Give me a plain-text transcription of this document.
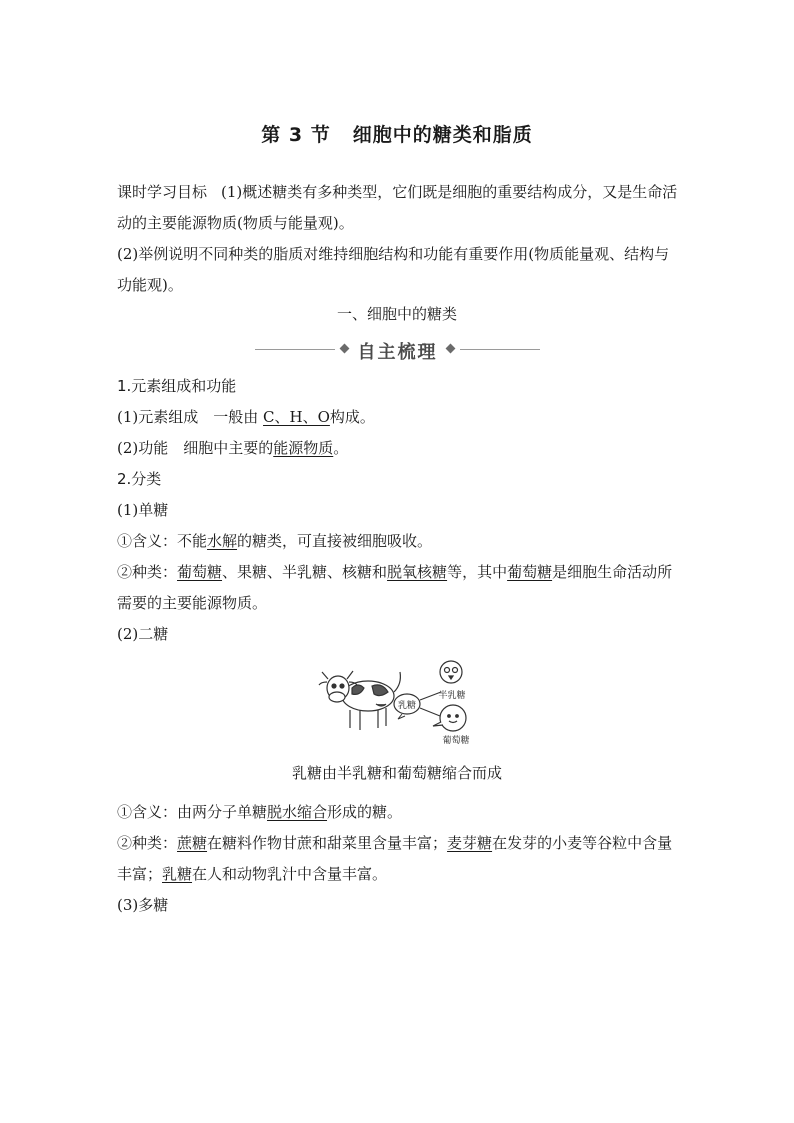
第 3 节 细胞中的糖类和脂质
课时学习目标 (1)概述糖类有多种类型，它们既是细胞的重要结构成分，又是生命活动的主要能源物质(物质与能量观)。
(2)举例说明不同种类的脂质对维持细胞结构和功能有重要作用(物质能量观、结构与功能观)。
一、细胞中的糖类
自主梳理

1.元素组成和功能

(1)元素组成　一般由 C、H、O构成。

(2)功能　细胞中主要的能源物质。

2.分类

(1)单糖

①含义：不能水解的糖类，可直接被细胞吸收。

②种类：葡萄糖、果糖、半乳糖、核糖和脱氧核糖等，其中葡萄糖是细胞生命活动所需要的主要能源物质。

(2)二糖

乳糖
半乳糖
葡萄糖
乳糖由半乳糖和葡萄糖缩合而成

①含义：由两分子单糖脱水缩合形成的糖。

②种类：蔗糖在糖料作物甘蔗和甜菜里含量丰富；麦芽糖在发芽的小麦等谷粒中含量丰富；乳糖在人和动物乳汁中含量丰富。

(3)多糖
